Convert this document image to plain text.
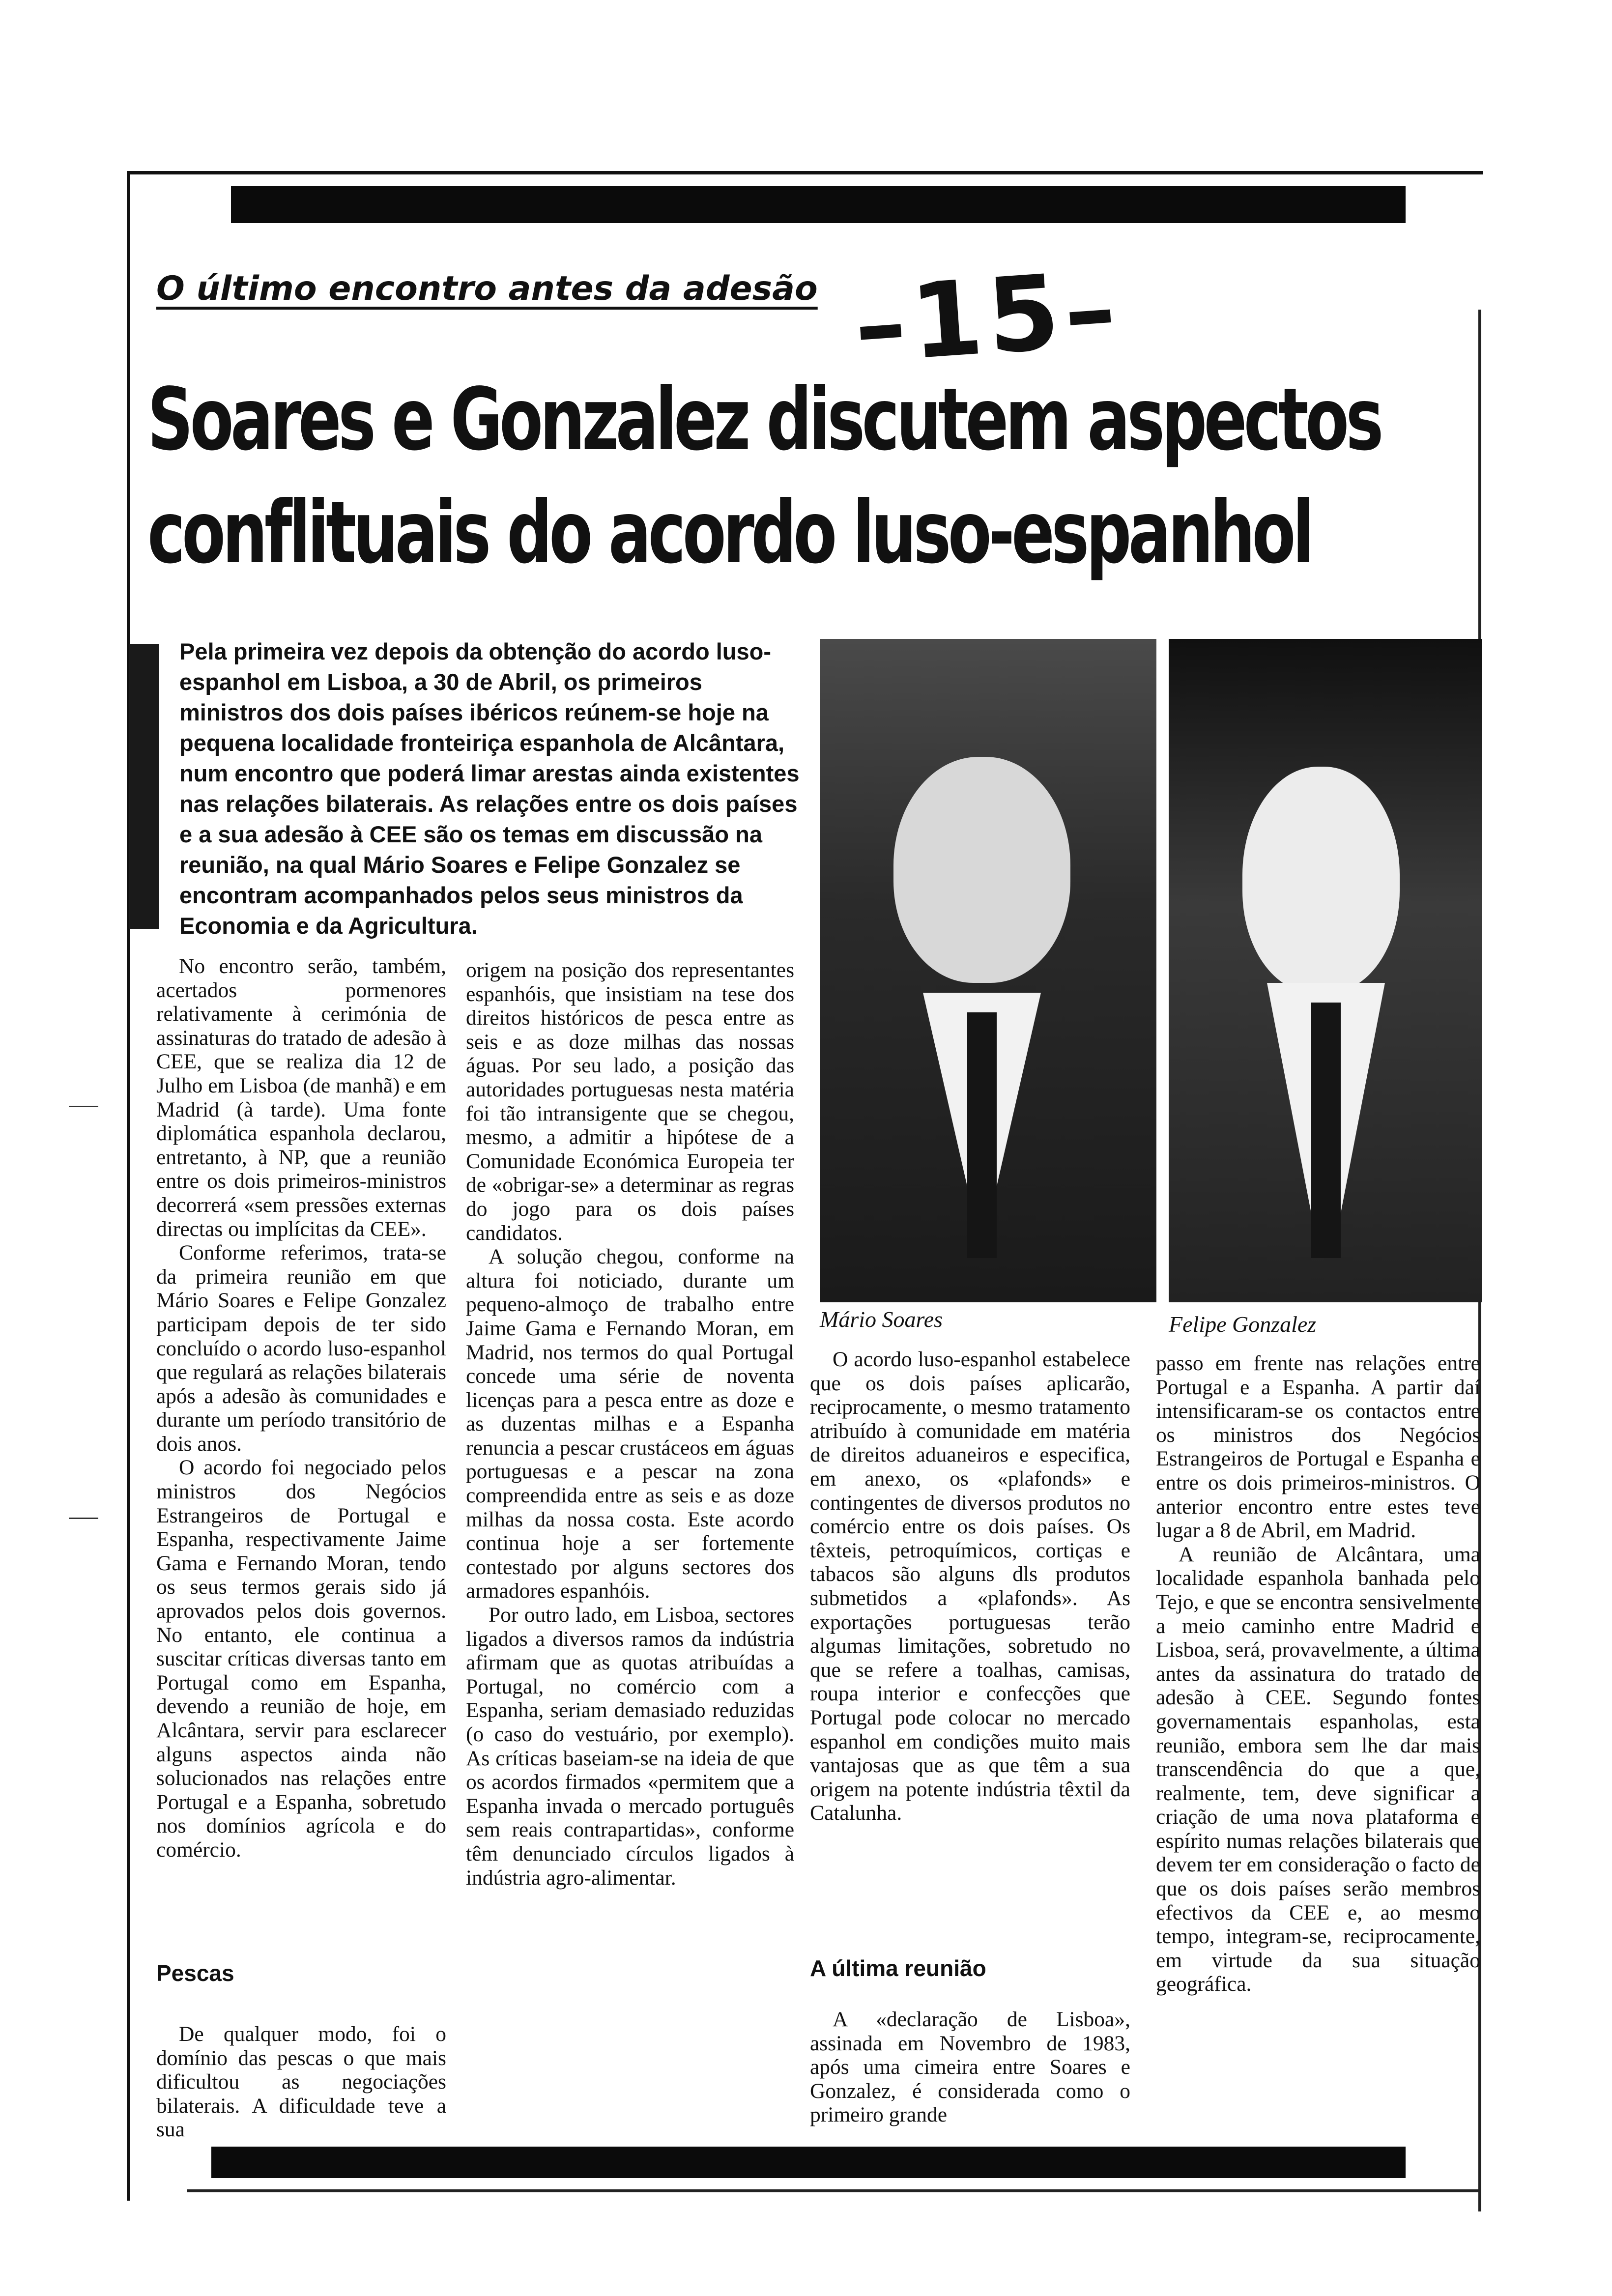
O último encontro antes da adesão –15–
Soares e Gonzalez discutem aspectos
conflituais do acordo luso-espanhol
Pela primeira vez depois da obtenção do acordo luso-espanhol em Lisboa, a 30 de Abril, os primeiros ministros dos dois países ibéricos reúnem-se hoje na pequena localidade fronteiriça espanhola de Alcântara, num encontro que poderá limar arestas ainda existentes nas relações bilaterais. As relações entre os dois países e a sua adesão à CEE são os temas em discussão na reunião, na qual Mário Soares e Felipe Gonzalez se encontram acompanhados pelos seus ministros da Economia e da Agricultura.
Mário Soares	Felipe Gonzalez

No encontro serão, também, acertados pormenores relativamente à cerimónia de assinaturas do tratado de adesão à CEE, que se realiza dia 12 de Julho em Lisboa (de manhã) e em Madrid (à tarde). Uma fonte diplomática espanhola declarou, entretanto, à NP, que a reunião entre os dois primeiros-ministros decorrerá «sem pressões externas directas ou implícitas da CEE».

Conforme referimos, trata-se da primeira reunião em que Mário Soares e Felipe Gonzalez participam depois de ter sido concluído o acordo luso-espanhol que regulará as relações bilaterais após a adesão às comunidades e durante um período transitório de dois anos.

O acordo foi negociado pelos ministros dos Negócios Estrangeiros de Portugal e Espanha, respectivamente Jaime Gama e Fernando Moran, tendo os seus termos gerais sido já aprovados pelos dois governos. No entanto, ele continua a suscitar críticas diversas tanto em Portugal como em Espanha, devendo a reunião de hoje, em Alcântara, servir para esclarecer alguns aspectos ainda não solucionados nas relações entre Portugal e a Espanha, sobretudo nos domínios agrícola e do comércio.

Pescas

De qualquer modo, foi o domínio das pescas o que mais dificultou as negociações bilaterais. A dificuldade teve a sua

origem na posição dos representantes espanhóis, que insistiam na tese dos direitos históricos de pesca entre as seis e as doze milhas das nossas águas. Por seu lado, a posição das autoridades portuguesas nesta matéria foi tão intransigente que se chegou, mesmo, a admitir a hipótese de a Comunidade Económica Europeia ter de «obrigar-se» a determinar as regras do jogo para os dois países candidatos.

A solução chegou, conforme na altura foi noticiado, durante um pequeno-almoço de trabalho entre Jaime Gama e Fernando Moran, em Madrid, nos termos do qual Portugal concede uma série de noventa licenças para a pesca entre as doze e as duzentas milhas e a Espanha renuncia a pescar crustáceos em águas portuguesas e a pescar na zona compreendida entre as seis e as doze milhas da nossa costa. Este acordo continua hoje a ser fortemente contestado por alguns sectores dos armadores espanhóis.

Por outro lado, em Lisboa, sectores ligados a diversos ramos da indústria afirmam que as quotas atribuídas a Portugal, no comércio com a Espanha, seriam demasiado reduzidas (o caso do vestuário, por exemplo). As críticas baseiam-se na ideia de que os acordos firmados «permitem que a Espanha invada o mercado português sem reais contrapartidas», conforme têm denunciado círculos ligados à indústria agro-alimentar.

O acordo luso-espanhol estabelece que os dois países aplicarão, reciprocamente, o mesmo tratamento atribuído à comunidade em matéria de direitos aduaneiros e especifica, em anexo, os «plafonds» e contingentes de diversos produtos no comércio entre os dois países. Os têxteis, petroquímicos, cortiças e tabacos são alguns dls produtos submetidos a «plafonds». As exportações portuguesas terão algumas limitações, sobretudo no que se refere a toalhas, camisas, roupa interior e confecções que Portugal pode colocar no mercado espanhol em condições muito mais vantajosas que as que têm a sua origem na potente indústria têxtil da Catalunha.

A última reunião

A «declaração de Lisboa», assinada em Novembro de 1983, após uma cimeira entre Soares e Gonzalez, é considerada como o primeiro grande

passo em frente nas relações entre Portugal e a Espanha. A partir daí intensificaram-se os contactos entre os ministros dos Negócios Estrangeiros de Portugal e Espanha e entre os dois primeiros-ministros. O anterior encontro entre estes teve lugar a 8 de Abril, em Madrid.

A reunião de Alcântara, uma localidade espanhola banhada pelo Tejo, e que se encontra sensivelmente a meio caminho entre Madrid e Lisboa, será, provavelmente, a última antes da assinatura do tratado de adesão à CEE. Segundo fontes governamentais espanholas, esta reunião, embora sem lhe dar mais transcendência do que a que, realmente, tem, deve significar a criação de uma nova plataforma e espírito numas relações bilaterais que devem ter em consideração o facto de que os dois países serão membros efectivos da CEE e, ao mesmo tempo, integram-se, reciprocamente, em virtude da sua situação geográfica.
